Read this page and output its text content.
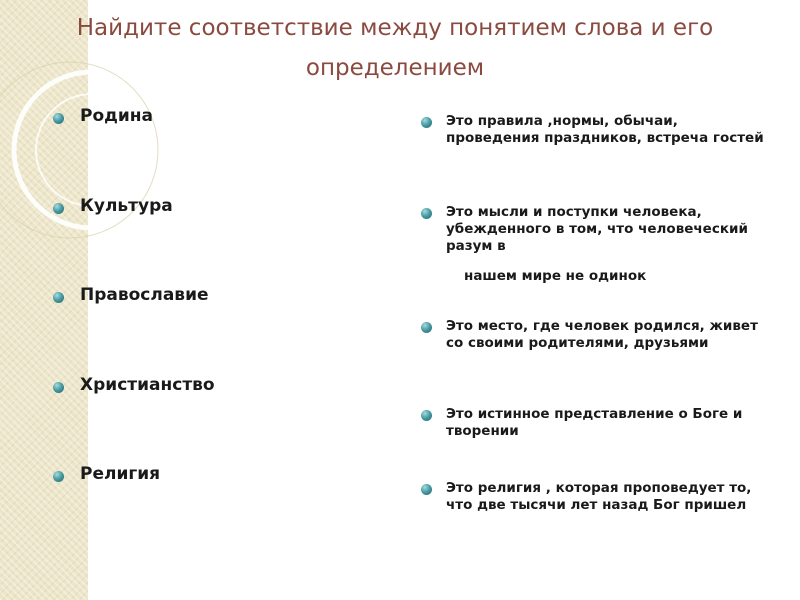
Найдите соответствие между понятием слова и его определением
Родина
Культура
Православие
Христианство
Религия
Это правила ,нормы, обычаи, проведения праздников, встреча гостей
Это мысли и поступки человека, убежденного в том, что человеческий разум в
нашем мире не одинок
Это место, где человек родился, живет со своими родителями, друзьями
Это истинное представление о Боге и творении
Это религия , которая проповедует то, что две тысячи лет назад Бог пришел
